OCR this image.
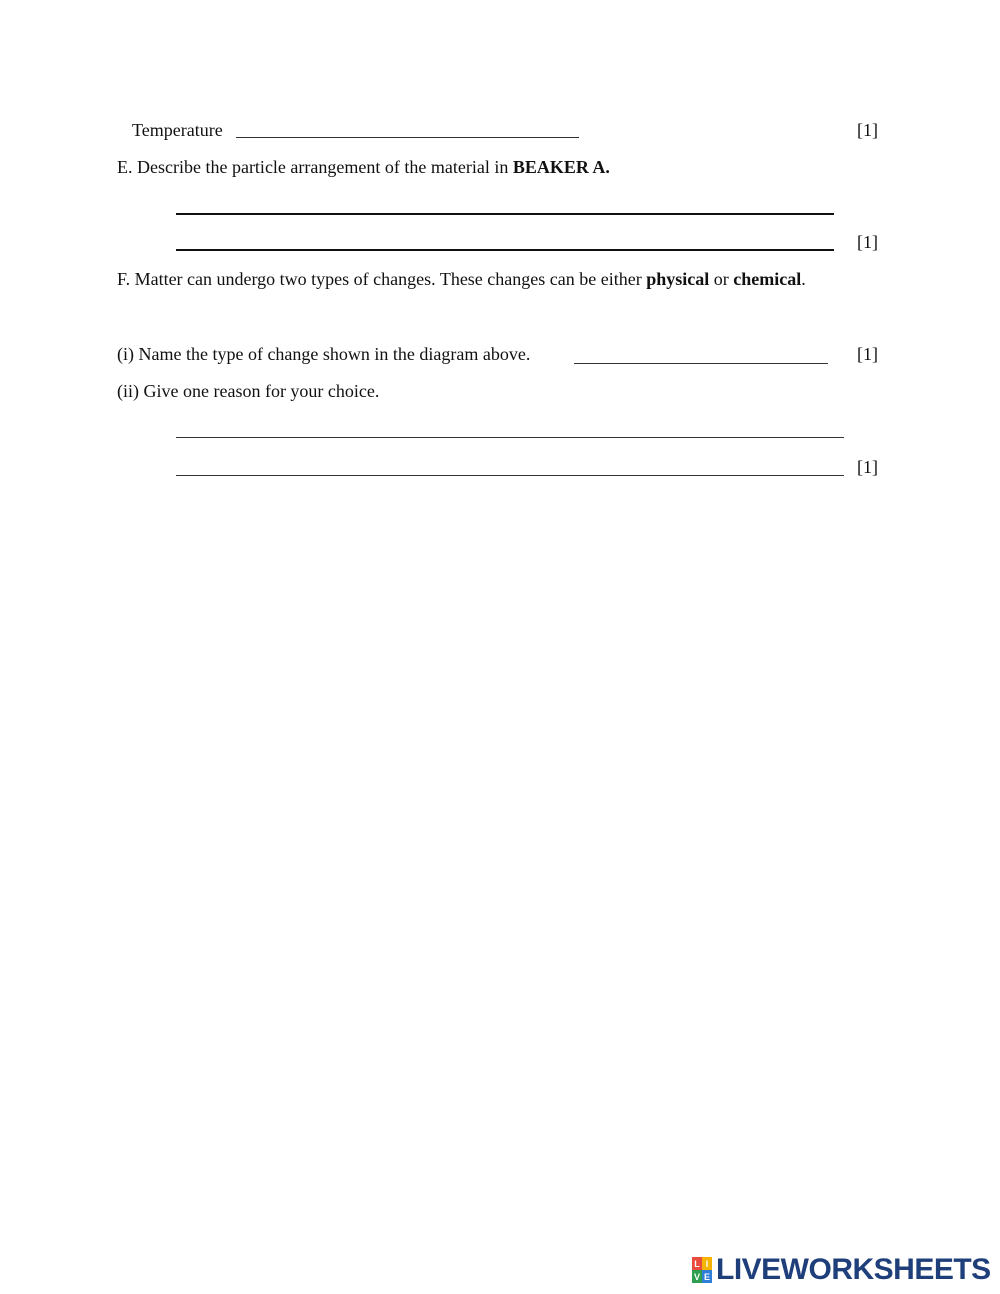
Temperature	[1]
E. Describe the particle arrangement of the material in BEAKER A.
[1]
F. Matter can undergo two types of changes. These changes can be either physical or chemical.
(i) Name the type of change shown in the diagram above.	[1]
(ii) Give one reason for your choice.
[1]
L I
V E LIVEWORKSHEETS
